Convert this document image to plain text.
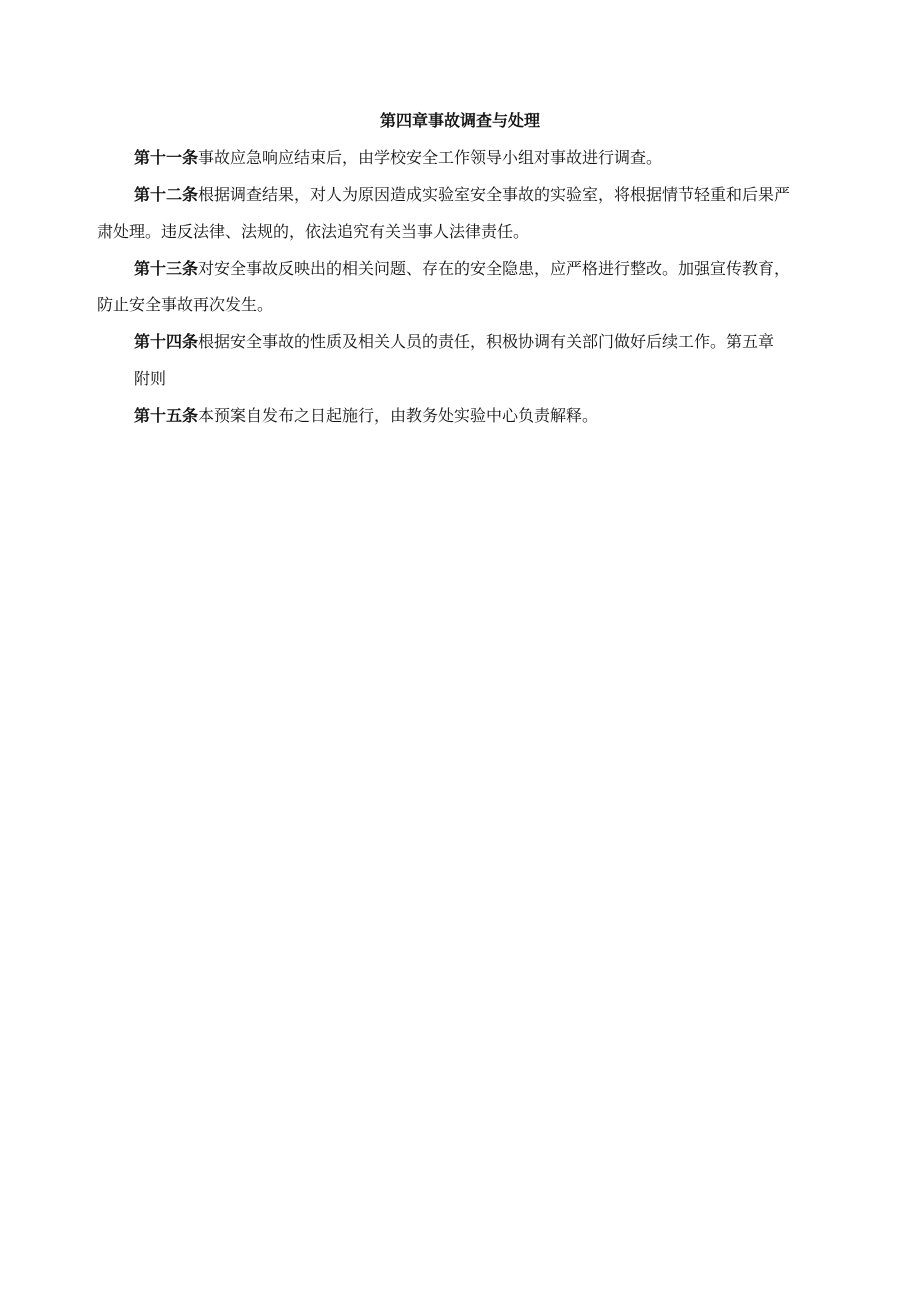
第四章事故调查与处理
第十一条事故应急响应结束后，由学校安全工作领导小组对事故进行调查。
第十二条根据调查结果，对人为原因造成实验室安全事故的实验室，将根据情节轻重和后果严
肃处理。违反法律、法规的，依法追究有关当事人法律责任。
第十三条对安全事故反映出的相关问题、存在的安全隐患，应严格进行整改。加强宣传教育，
防止安全事故再次发生。
第十四条根据安全事故的性质及相关人员的责任，积极协调有关部门做好后续工作。第五章
附则
第十五条本预案自发布之日起施行，由教务处实验中心负责解释。
